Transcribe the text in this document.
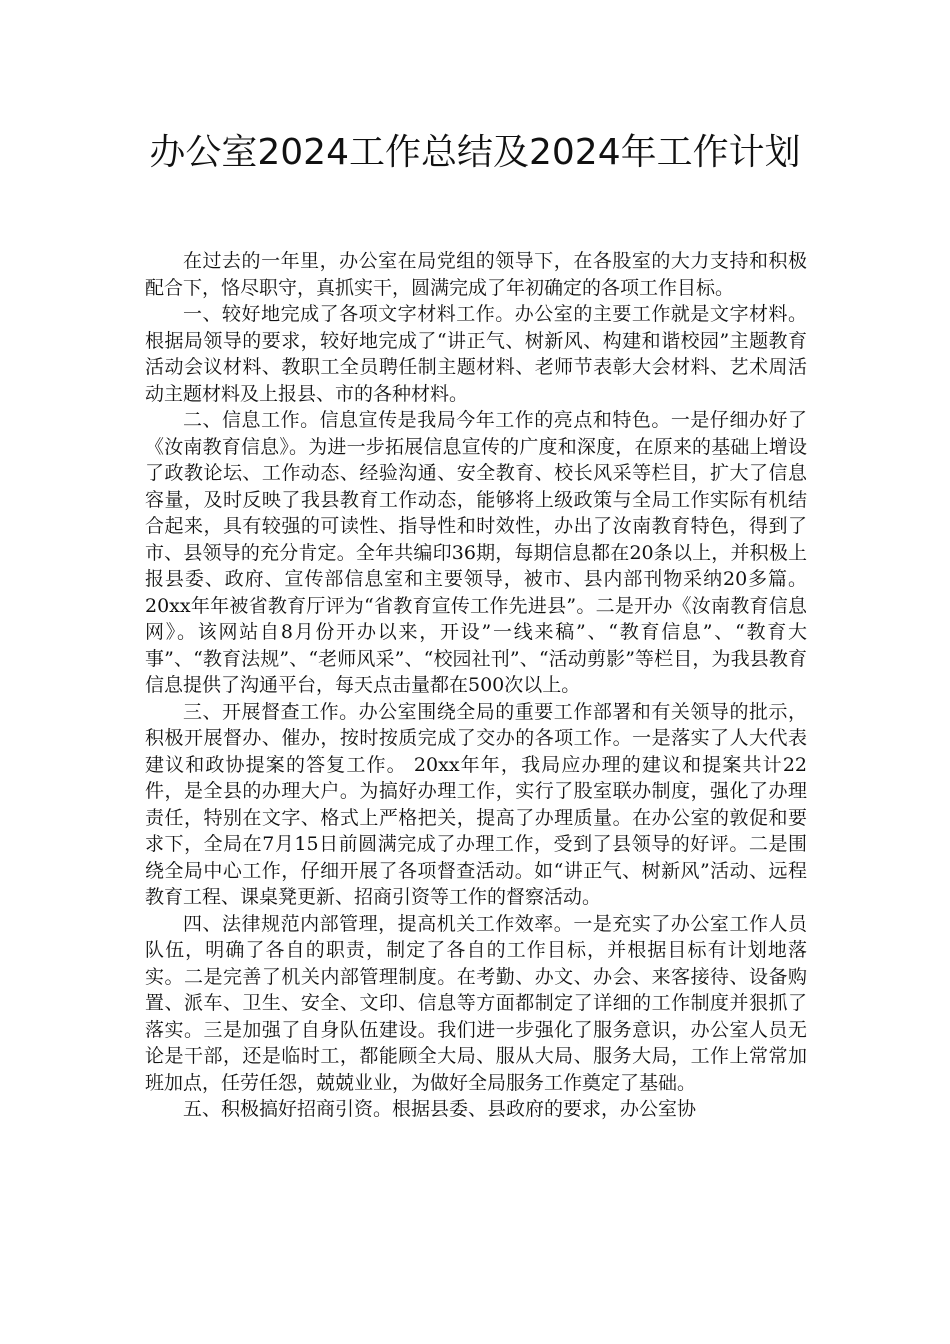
办公室2024工作总结及2024年工作计划

在过去的一年里，办公室在局党组的领导下，在各股室的大力支持和积极配合下，恪尽职守，真抓实干，圆满完成了年初确定的各项工作目标。

一、较好地完成了各项文字材料工作。办公室的主要工作就是文字材料。根据局领导的要求，较好地完成了“讲正气、树新风、构建和谐校园”主题教育活动会议材料、教职工全员聘任制主题材料、老师节表彰大会材料、艺术周活动主题材料及上报县、市的各种材料。

二、信息工作。信息宣传是我局今年工作的亮点和特色。一是仔细办好了《汝南教育信息》。为进一步拓展信息宣传的广度和深度，在原来的基础上增设了政教论坛、工作动态、经验沟通、安全教育、校长风采等栏目，扩大了信息容量，及时反映了我县教育工作动态，能够将上级政策与全局工作实际有机结合起来，具有较强的可读性、指导性和时效性，办出了汝南教育特色，得到了市、县领导的充分肯定。全年共编印36期，每期信息都在20条以上，并积极上报县委、政府、宣传部信息室和主要领导，被市、县内部刊物采纳20多篇。20xx年年被省教育厅评为“省教育宣传工作先进县”。二是开办《汝南教育信息网》。该网站自8月份开办以来，开设”一线来稿”、“教育信息”、“教育大事”、“教育法规”、“老师风采”、“校园社刊”、“活动剪影”等栏目，为我县教育信息提供了沟通平台，每天点击量都在500次以上。

三、开展督查工作。办公室围绕全局的重要工作部署和有关领导的批示，积极开展督办、催办，按时按质完成了交办的各项工作。一是落实了人大代表建议和政协提案的答复工作。 20xx年年，我局应办理的建议和提案共计22件，是全县的办理大户。为搞好办理工作，实行了股室联办制度，强化了办理责任，特别在文字、格式上严格把关，提高了办理质量。在办公室的敦促和要求下，全局在7月15日前圆满完成了办理工作，受到了县领导的好评。二是围绕全局中心工作，仔细开展了各项督查活动。如“讲正气、树新风”活动、远程教育工程、课桌凳更新、招商引资等工作的督察活动。

四、法律规范内部管理，提高机关工作效率。一是充实了办公室工作人员队伍，明确了各自的职责，制定了各自的工作目标，并根据目标有计划地落实。二是完善了机关内部管理制度。在考勤、办文、办会、来客接待、设备购置、派车、卫生、安全、文印、信息等方面都制定了详细的工作制度并狠抓了落实。三是加强了自身队伍建设。我们进一步强化了服务意识，办公室人员无论是干部，还是临时工，都能顾全大局、服从大局、服务大局，工作上常常加班加点，任劳任怨，兢兢业业，为做好全局服务工作奠定了基础。

五、积极搞好招商引资。根据县委、县政府的要求，办公室协
